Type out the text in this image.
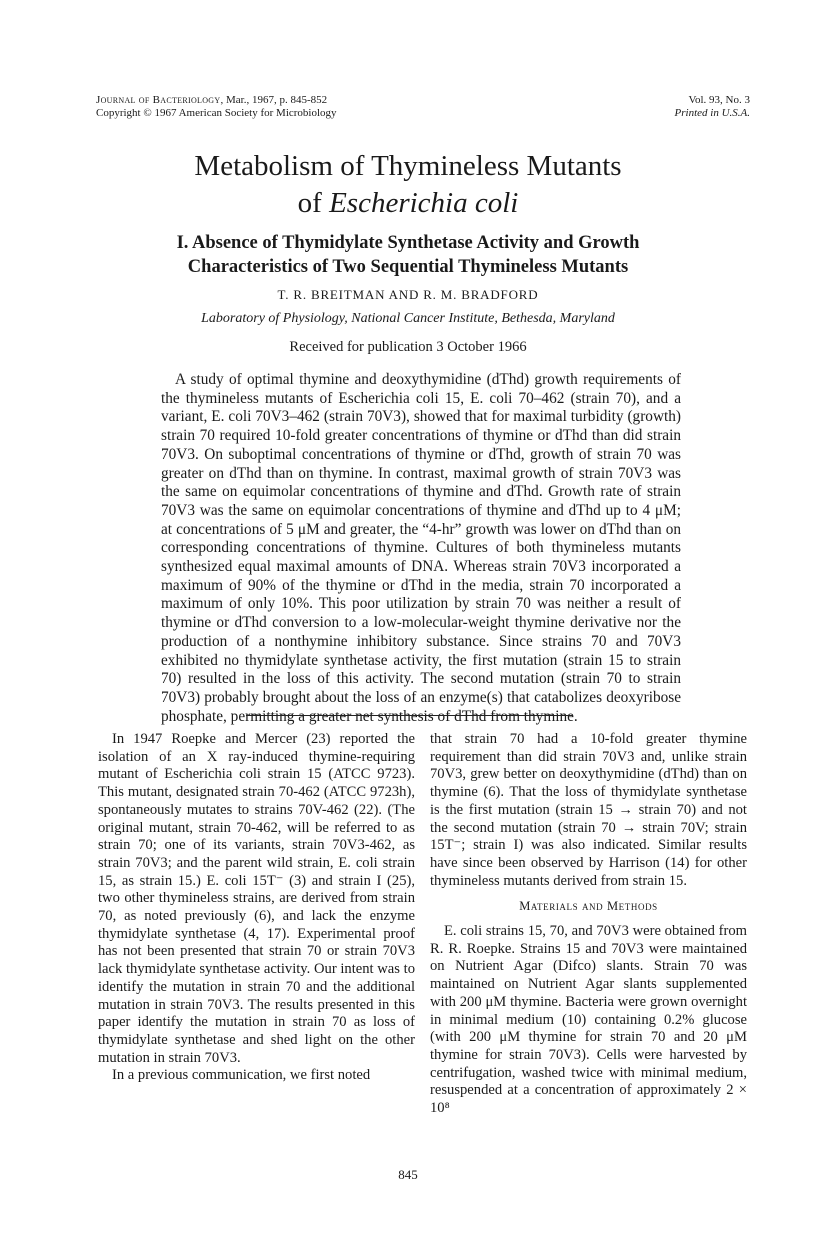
Journal of Bacteriology, Mar., 1967, p. 845-852
Copyright © 1967 American Society for Microbiology
Vol. 93, No. 3
Printed in U.S.A.
Metabolism of Thymineless Mutants
of Escherichia coli
I. Absence of Thymidylate Synthetase Activity and Growth
Characteristics of Two Sequential Thymineless Mutants
T. R. BREITMAN AND R. M. BRADFORD
Laboratory of Physiology, National Cancer Institute, Bethesda, Maryland
Received for publication 3 October 1966

A study of optimal thymine and deoxythymidine (dThd) growth requirements of the thymineless mutants of Escherichia coli 15, E. coli 70–462 (strain 70), and a variant, E. coli 70V3–462 (strain 70V3), showed that for maximal turbidity (growth) strain 70 required 10-fold greater concentrations of thymine or dThd than did strain 70V3. On suboptimal concentrations of thymine or dThd, growth of strain 70 was greater on dThd than on thymine. In contrast, maximal growth of strain 70V3 was the same on equimolar concentrations of thymine and dThd. Growth rate of strain 70V3 was the same on equimolar concentrations of thymine and dThd up to 4 μM; at concentrations of 5 μM and greater, the “4-hr” growth was lower on dThd than on corresponding concentrations of thymine. Cultures of both thymineless mutants synthesized equal maximal amounts of DNA. Whereas strain 70V3 incorporated a maximum of 90% of the thymine or dThd in the media, strain 70 incorporated a maximum of only 10%. This poor utilization by strain 70 was neither a result of thymine or dThd conversion to a low-molecular-weight thymine derivative nor the production of a nonthymine inhibitory substance. Since strains 70 and 70V3 exhibited no thymidylate synthetase activity, the first mutation (strain 15 to strain 70) resulted in the loss of this activity. The second mutation (strain 70 to strain 70V3) probably brought about the loss of an enzyme(s) that catabolizes deoxyribose phosphate, permitting a greater net synthesis of dThd from thymine.

In 1947 Roepke and Mercer (23) reported the isolation of an X ray-induced thymine-requiring mutant of Escherichia coli strain 15 (ATCC 9723). This mutant, designated strain 70-462 (ATCC 9723h), spontaneously mutates to strains 70V-462 (22). (The original mutant, strain 70-462, will be referred to as strain 70; one of its variants, strain 70V3-462, as strain 70V3; and the parent wild strain, E. coli strain 15, as strain 15.) E. coli 15T⁻ (3) and strain I (25), two other thymineless strains, are derived from strain 70, as noted previously (6), and lack the enzyme thymidylate synthetase (4, 17). Experimental proof has not been presented that strain 70 or strain 70V3 lack thymidylate synthetase activity. Our intent was to identify the mutation in strain 70 and the additional mutation in strain 70V3. The results presented in this paper identify the mutation in strain 70 as loss of thymidylate synthetase and shed light on the other mutation in strain 70V3.

In a previous communication, we first noted

that strain 70 had a 10-fold greater thymine requirement than did strain 70V3 and, unlike strain 70V3, grew better on deoxythymidine (dThd) than on thymine (6). That the loss of thymidylate synthetase is the first mutation (strain 15 → strain 70) and not the second mutation (strain 70 → strain 70V; strain 15T⁻; strain I) was also indicated. Similar results have since been observed by Harrison (14) for other thymineless mutants derived from strain 15.

Materials and Methods

E. coli strains 15, 70, and 70V3 were obtained from R. R. Roepke. Strains 15 and 70V3 were maintained on Nutrient Agar (Difco) slants. Strain 70 was maintained on Nutrient Agar slants supplemented with 200 μM thymine. Bacteria were grown overnight in minimal medium (10) containing 0.2% glucose (with 200 μM thymine for strain 70 and 20 μM thymine for strain 70V3). Cells were harvested by centrifugation, washed twice with minimal medium, resuspended at a concentration of approximately 2 × 10⁸

845
